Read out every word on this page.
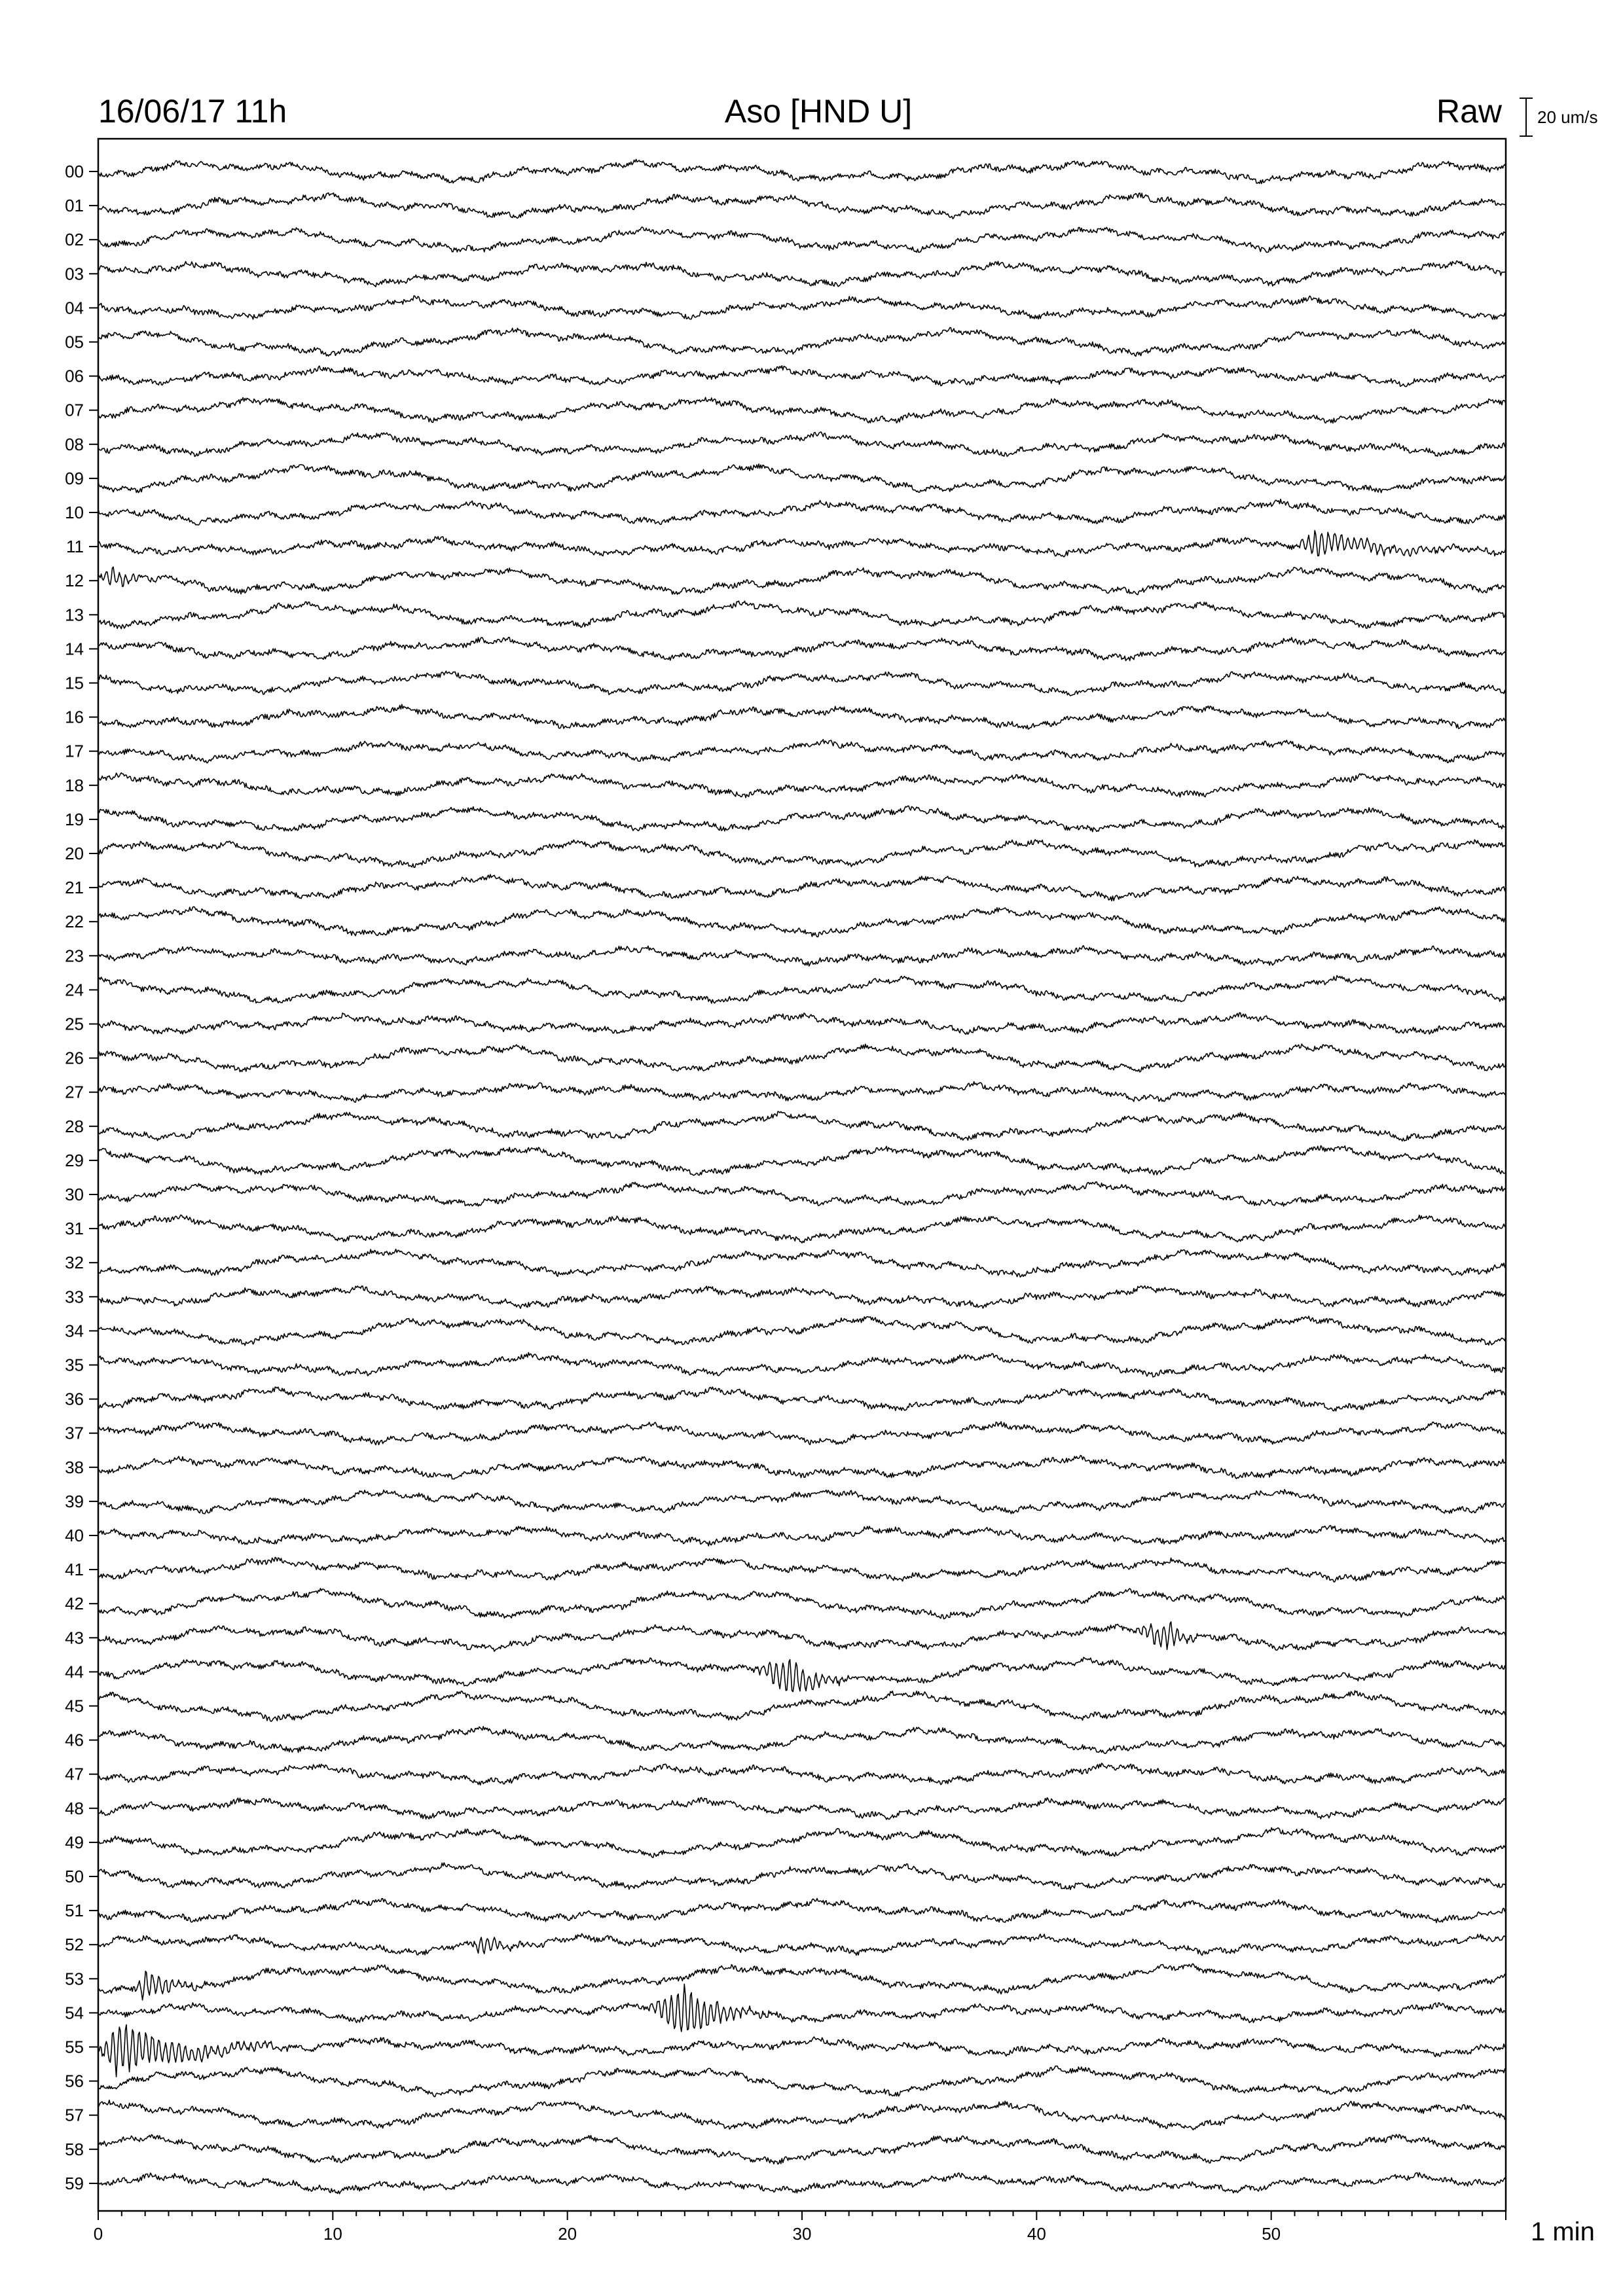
16/06/17 11h	Aso [HND U]	Raw 20 um/s
1 min
00
01
02
03
04
05
06
07
08
09
10
11
12
13
14
15
16
17
18
19
20
21
22
23
24
25
26
27
28
29
30
31
32
33
34
35
36
37
38
39
40
41
42
43
44
45
46
47
48
49
50
51
52
53
54
55
56
57
58
59
0	10	20	30	40	50
